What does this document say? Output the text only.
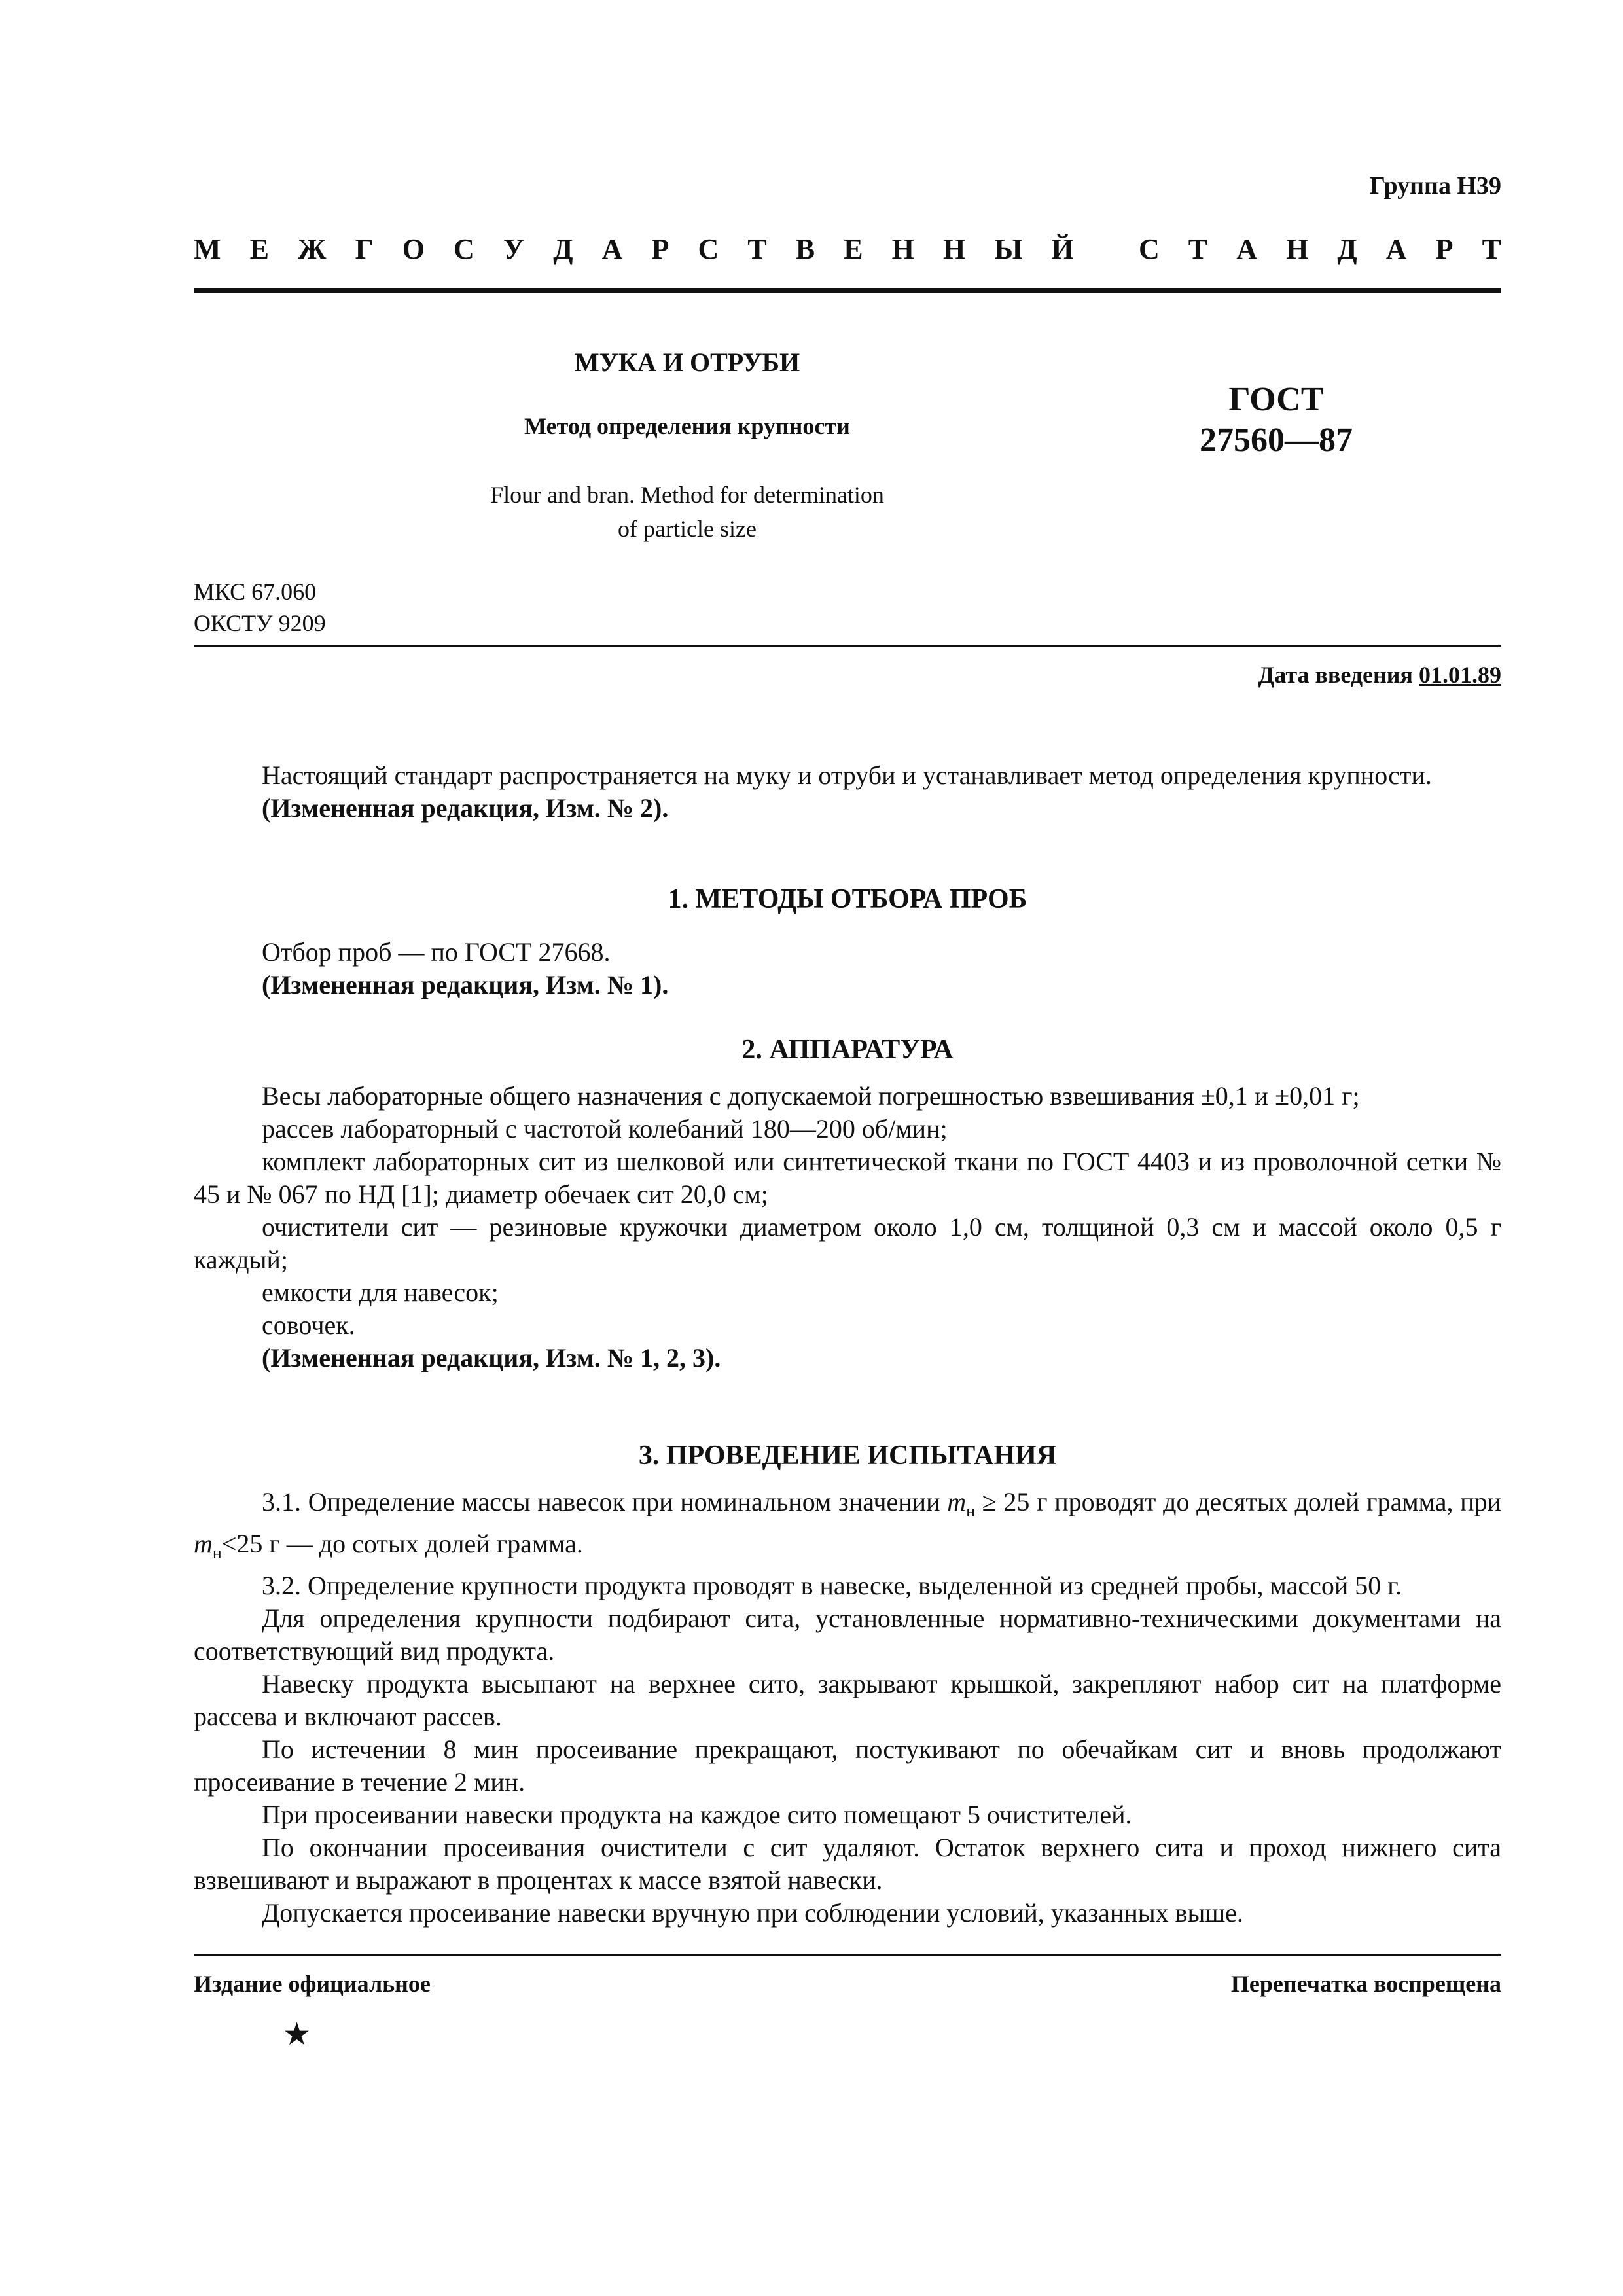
Группа Н39
М Е Ж Г О С У Д А Р С Т В Е Н Н Ы Й
С Т А Н Д А Р Т
МУКА И ОТРУБИ
Метод определения крупности
Flour and bran. Method for determination
of particle size
ГОСТ
27560—87
МКС 67.060
ОКСТУ 9209
Дата введения 01.01.89

Настоящий стандарт распространяется на муку и отруби и устанавливает метод определения крупности.

(Измененная редакция, Изм. № 2).

1. МЕТОДЫ ОТБОРА ПРОБ

Отбор проб — по ГОСТ 27668.

(Измененная редакция, Изм. № 1).

2. АППАРАТУРА

Весы лабораторные общего назначения с допускаемой погрешностью взвешивания ±0,1 и ±0,01 г;

рассев лабораторный с частотой колебаний 180—200 об/мин;

комплект лабораторных сит из шелковой или синтетической ткани по ГОСТ 4403 и из проволочной сетки № 45 и № 067 по НД [1]; диаметр обечаек сит 20,0 см;

очистители сит — резиновые кружочки диаметром около 1,0 см, толщиной 0,3 см и массой около 0,5 г каждый;

емкости для навесок;

совочек.

(Измененная редакция, Изм. № 1, 2, 3).

3. ПРОВЕДЕНИЕ ИСПЫТАНИЯ

3.1. Определение массы навесок при номинальном значении $m_н \ge 25$ г проводят до десятых долей грамма, при $m_н<25$ г — до сотых долей грамма.

3.2. Определение крупности продукта проводят в навеске, выделенной из средней пробы, массой 50 г.

Для определения крупности подбирают сита, установленные нормативно-техническими документами на соответствующий вид продукта.

Навеску продукта высыпают на верхнее сито, закрывают крышкой, закрепляют набор сит на платформе рассева и включают рассев.

По истечении 8 мин просеивание прекращают, постукивают по обечайкам сит и вновь продолжают просеивание в течение 2 мин.

При просеивании навески продукта на каждое сито помещают 5 очистителей.

По окончании просеивания очистители с сит удаляют. Остаток верхнего сита и проход нижнего сита взвешивают и выражают в процентах к массе взятой навески.

Допускается просеивание навески вручную при соблюдении условий, указанных выше.

Издание официальное	Перепечатка воспрещена
★
